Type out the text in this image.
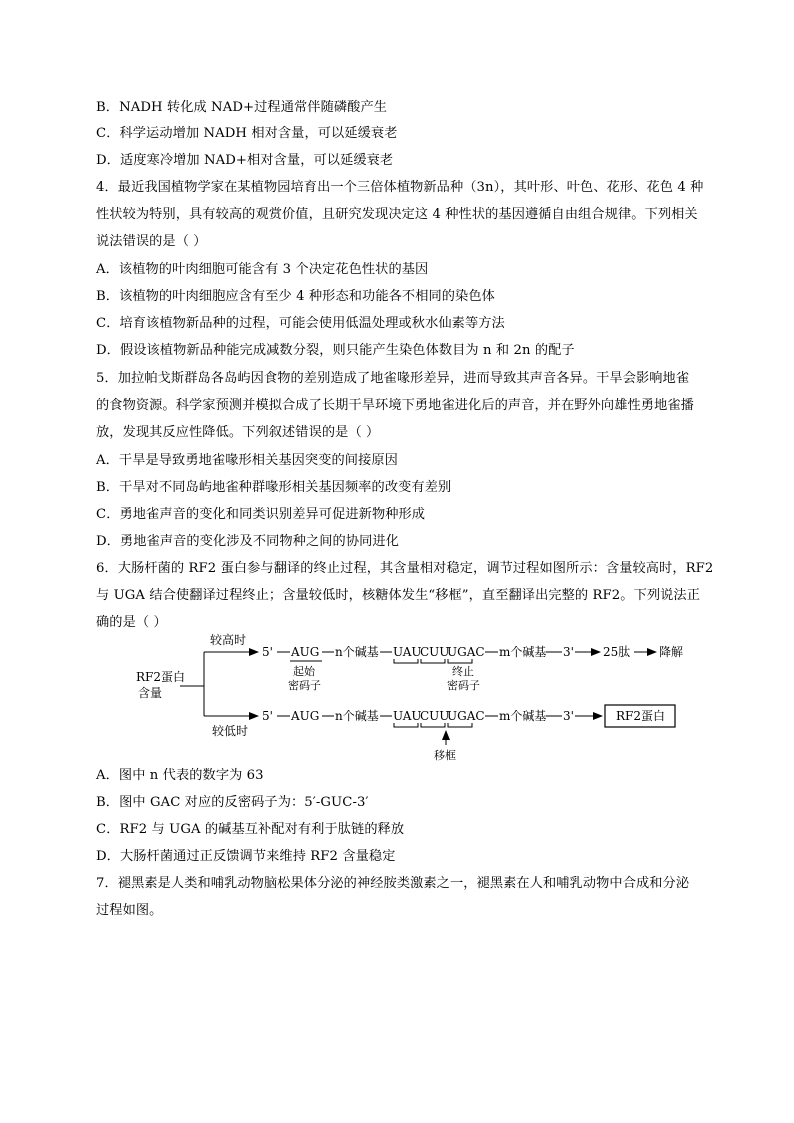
B．NADH 转化成 NAD+过程通常伴随磷酸产生
C．科学运动增加 NADH 相对含量，可以延缓衰老
D．适度寒冷增加 NAD+相对含量，可以延缓衰老
4．最近我国植物学家在某植物园培育出一个三倍体植物新品种（3n），其叶形、叶色、花形、花色 4 种
性状较为特别，具有较高的观赏价值，且研究发现决定这 4 种性状的基因遵循自由组合规律。下列相关
说法错误的是（ ）
A．该植物的叶肉细胞可能含有 3 个决定花色性状的基因
B．该植物的叶肉细胞应含有至少 4 种形态和功能各不相同的染色体
C．培育该植物新品种的过程，可能会使用低温处理或秋水仙素等方法
D．假设该植物新品种能完成减数分裂，则只能产生染色体数目为 n 和 2n 的配子
5．加拉帕戈斯群岛各岛屿因食物的差别造成了地雀喙形差异，进而导致其声音各异。干旱会影响地雀
的食物资源。科学家预测并模拟合成了长期干旱环境下勇地雀进化后的声音，并在野外向雄性勇地雀播
放，发现其反应性降低。下列叙述错误的是（ ）
A．干旱是导致勇地雀喙形相关基因突变的间接原因
B．干旱对不同岛屿地雀种群喙形相关基因频率的改变有差别
C．勇地雀声音的变化和同类识别差异可促进新物种形成
D．勇地雀声音的变化涉及不同物种之间的协同进化
6．大肠杆菌的 RF2 蛋白参与翻译的终止过程，其含量相对稳定，调节过程如图所示：含量较高时，RF2
与 UGA 结合使翻译过程终止；含量较低时，核糖体发生“移框”，直至翻译出完整的 RF2。下列说法正
确的是（ ）
RF2蛋白
含量
较高时
较低时
5' AUG n个碱基 UAU
CUU
UGAC m个碱基 3' 25肽 降解
起始
密码子
终止
密码子
5' AUG n个碱基 UAU
CUU
UGAC m个碱基 3'	RF2蛋白
移框
A．图中 n 代表的数字为 63
B．图中 GAC 对应的反密码子为：5′-GUC-3′
C．RF2 与 UGA 的碱基互补配对有利于肽链的释放
D．大肠杆菌通过正反馈调节来维持 RF2 含量稳定
7．褪黑素是人类和哺乳动物脑松果体分泌的神经胺类激素之一，褪黑素在人和哺乳动物中合成和分泌
过程如图。
